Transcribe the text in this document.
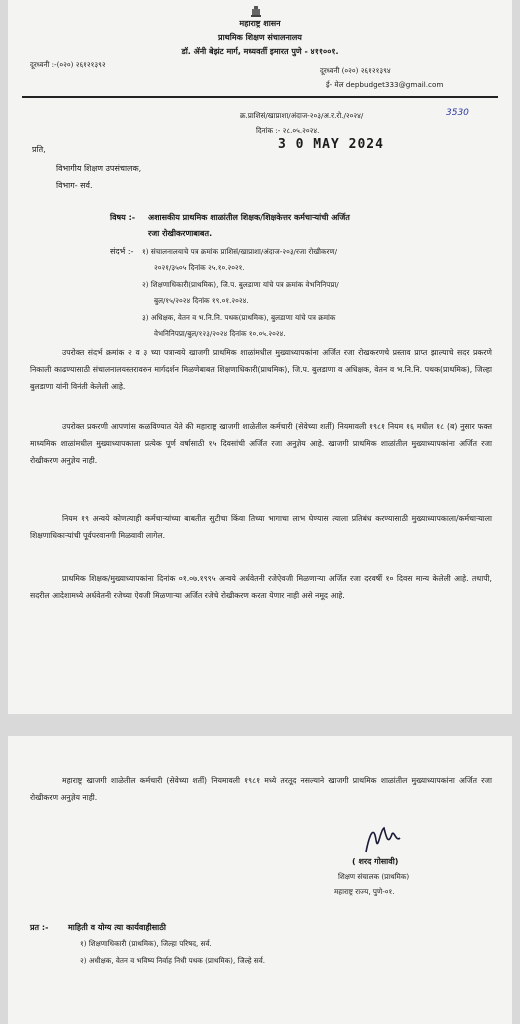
महाराष्ट्र शासन
प्राथमिक शिक्षण संचालनालय
डॉ. ॲनी बेझंट मार्ग, मध्यवर्ती इमारत पुणे - ४११००१.
दूरध्वनी :-(०२०) २६१२१३९२
दूरध्वनी (०२०) २६१२१३९४
ई- मेल depbudget333@gmail.com
क्र.प्राशिसं/खाप्राशा/अंदाज-२०३/अ.र.रो./२०२४/	3530
दिनांक :- २८.०५.२०२४.
3 0 MAY 2024
प्रति,
विभागीय शिक्षण उपसंचालक,
विभाग- सर्व.
विषय :- अशासकीय प्राथमिक शाळांतील शिक्षक/शिक्षकेत्तर कर्मचाऱ्यांची अर्जित
रजा रोखीकरणाबाबत.
संदर्भ :- १) संचालनालयाचे पत्र क्रमांक प्राशिसं/खाप्राशा/अंदाज-२०३/रजा रोखीकरण/
२०२१/३५०५ दिनांक २५.१०.२०२१.
२) शिक्षणाधिकारी(प्राथमिक), जि.प. बुलडाणा यांचे पत्र क्रमांक वेभनिनिपप्रा/
बुल/१५/२०२४ दिनांक १९.०१.२०२४.
३) अधिक्षक, वेतन व भ.नि.नि. पथक(प्राथमिक), बुलडाणा यांचे पत्र क्रमांक
वेभनिनिपप्रा/बुल/१२३/२०२४ दिनांक १०.०५.२०२४.
उपरोक्त संदर्भ क्रमांक २ व ३ च्या पत्रान्वये खाजगी प्राथमिक शाळांमधील मुख्याध्यापकांना अर्जित रजा रोखकरणचे प्रस्ताव प्राप्त झाल्याचे सदर प्रकरणे निकाली काढण्यासाठी संचालनालयस्तरावरुन मार्गदर्शन मिळणेबाबत शिक्षणाधिकारी(प्राथमिक), जि.प. बुलडाणा व अधिक्षक, वेतन व भ.नि.नि. पथक(प्राथमिक), जिल्हा बुलडाणा यांनी विनंती केलेली आहे.
उपरोक्त प्रकरणी आपणांस कळविण्यात येते की महाराष्ट्र खाजगी शाळेतील कर्मचारी (सेवेच्या शर्ती) नियमावली १९८१ नियम १६ मधील १८ (ब) नुसार फक्त माध्यमिक शाळांमधील मुख्याध्यापकाला प्रत्येक पूर्ण वर्षासाठी १५ दिवसांची अर्जित रजा अनुज्ञेय आहे. खाजगी प्राथमिक शाळांतील मुख्याध्यापकांना अर्जित रजा रोखीकरण अनुज्ञेय नाही.
नियम १९ अन्वये कोणत्याही कर्मचाऱ्यांच्या बाबतीत सुटीचा किंवा तिच्या भागाचा लाभ घेण्यास त्याला प्रतिबंध करण्यासाठी मुख्याध्यापकाला/कर्मचाऱ्याला शिक्षणाधिकाऱ्यांची पूर्वपरवानगी मिळवावी लागेल.
प्राथमिक शिक्षक/मुख्याध्यापकांना दिनांक ०१.०७.१९९५ अन्वये अर्धवेतनी रजेऐवजी मिळणाऱ्या अर्जित रजा दरवर्षी १० दिवस मान्य केलेली आहे. तथापी, सदरील आदेशामध्ये अर्धवेतनी रजेच्या ऐवजी मिळणाऱ्या अर्जित रजेचे रोखीकरण करता येणार नाही असे नमूद आहे.
महाराष्ट्र खाजगी शाळेतील कर्मचारी (सेवेच्या शर्ती) नियमावली १९८१ मध्ये तरतूद नसल्याने खाजगी प्राथमिक शाळांतील मुख्याध्यापकांना अर्जित रजा रोखीकरण अनुज्ञेय नाही.
( शरद गोसावी)
शिक्षण संचालक (प्राथमिक)
महाराष्ट्र राज्य, पुणे-०१.
प्रत :- माहिती व योग्य त्या कार्यवाहीसाठी
१) शिक्षणाधिकारी (प्राथमिक), जिल्हा परिषद, सर्व.
२) अधीक्षक, वेतन व भविष्य निर्वाह निधी पथक (प्राथमिक), जिल्हे सर्व.
